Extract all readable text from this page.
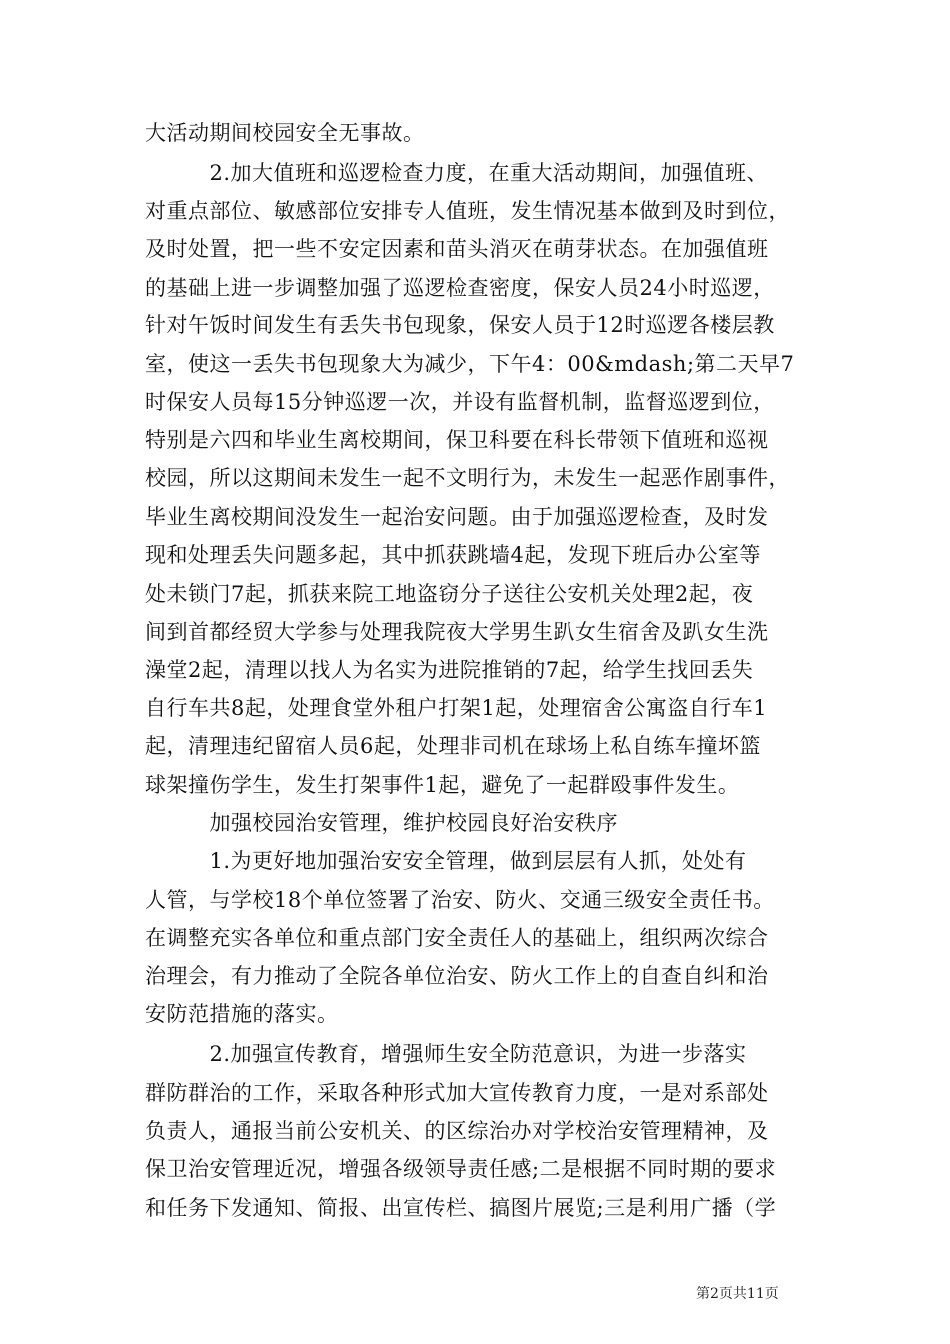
大活动期间校园安全无事故。
　　　2.加大值班和巡逻检查力度，在重大活动期间，加强值班、
对重点部位、敏感部位安排专人值班，发生情况基本做到及时到位，
及时处置，把一些不安定因素和苗头消灭在萌芽状态。在加强值班
的基础上进一步调整加强了巡逻检查密度，保安人员24小时巡逻，
针对午饭时间发生有丢失书包现象，保安人员于12时巡逻各楼层教
室，使这一丢失书包现象大为减少，下午4：00&mdash;第二天早7
时保安人员每15分钟巡逻一次，并设有监督机制，监督巡逻到位，
特别是六四和毕业生离校期间，保卫科要在科长带领下值班和巡视
校园，所以这期间未发生一起不文明行为，未发生一起恶作剧事件，
毕业生离校期间没发生一起治安问题。由于加强巡逻检查，及时发
现和处理丢失问题多起，其中抓获跳墙4起，发现下班后办公室等
处未锁门7起，抓获来院工地盗窃分子送往公安机关处理2起，夜
间到首都经贸大学参与处理我院夜大学男生趴女生宿舍及趴女生洗
澡堂2起，清理以找人为名实为进院推销的7起，给学生找回丢失
自行车共8起，处理食堂外租户打架1起，处理宿舍公寓盗自行车1
起，清理违纪留宿人员6起，处理非司机在球场上私自练车撞坏篮
球架撞伤学生，发生打架事件1起，避免了一起群殴事件发生。
　　　加强校园治安管理，维护校园良好治安秩序
　　　1.为更好地加强治安安全管理，做到层层有人抓，处处有
人管，与学校18个单位签署了治安、防火、交通三级安全责任书。
在调整充实各单位和重点部门安全责任人的基础上，组织两次综合
治理会，有力推动了全院各单位治安、防火工作上的自查自纠和治
安防范措施的落实。
　　　2.加强宣传教育，增强师生安全防范意识，为进一步落实
群防群治的工作，采取各种形式加大宣传教育力度，一是对系部处
负责人，通报当前公安机关、的区综治办对学校治安管理精神，及
保卫治安管理近况，增强各级领导责任感;二是根据不同时期的要求
和任务下发通知、简报、出宣传栏、搞图片展览;三是利用广播（学
第2页共11页
